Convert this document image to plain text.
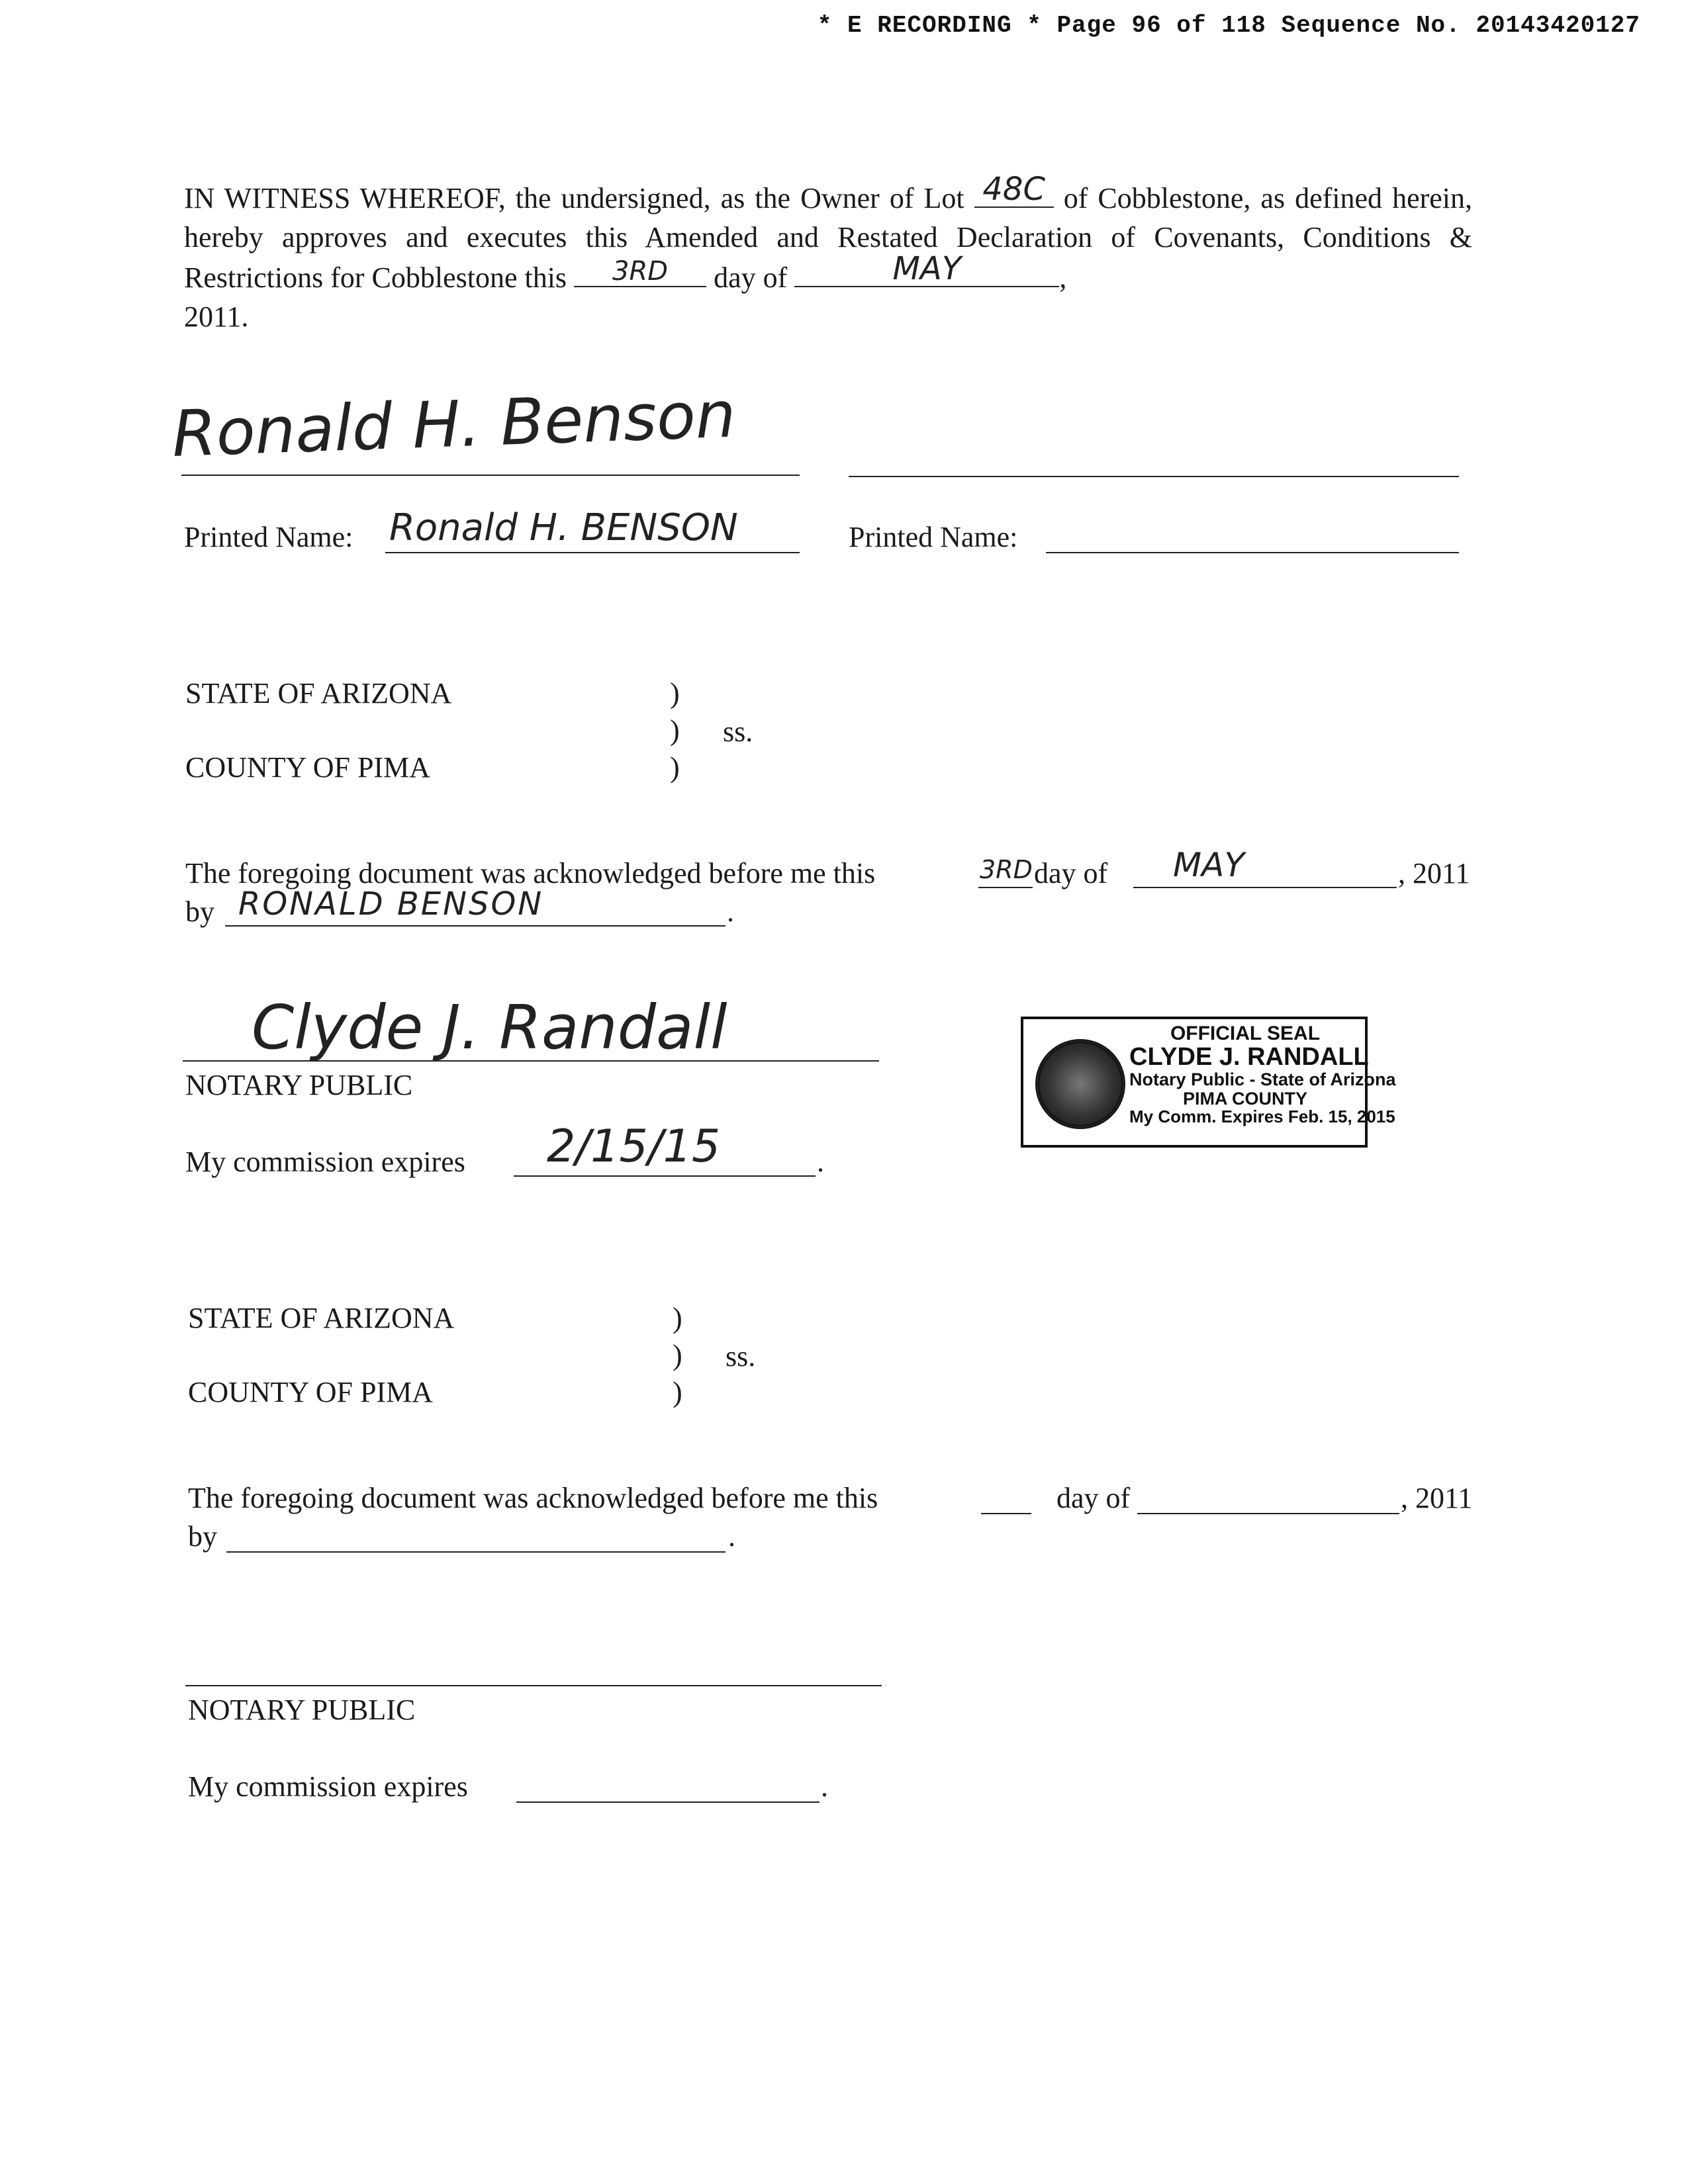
* E RECORDING * Page 96 of 118 Sequence No. 20143420127
IN WITNESS WHEREOF, the undersigned, as the Owner of Lot 48C of Cobblestone, as defined herein, hereby approves and executes this Amended and Restated Declaration of Covenants, Conditions & Restrictions for Cobblestone this	3RD	day of	MAY	,
2011.
Ronald H. Benson
Printed Name: Ronald H. BENSON	Printed Name:
STATE OF ARIZONA	)
) ss.
COUNTY OF PIMA	)
The foregoing document was acknowledged before me this	3RD day of MAY	, 2011
by RONALD BENSON	.
Clyde J. Randall
NOTARY PUBLIC
My commission expires 2/15/15	.
OFFICIAL SEAL
CLYDE J. RANDALL
Notary Public - State of Arizona
PIMA COUNTY
My Comm. Expires Feb. 15, 2015
STATE OF ARIZONA	)
) ss.
COUNTY OF PIMA	)
The foregoing document was acknowledged before me this	day of	, 2011
by	.
NOTARY PUBLIC
My commission expires	.
